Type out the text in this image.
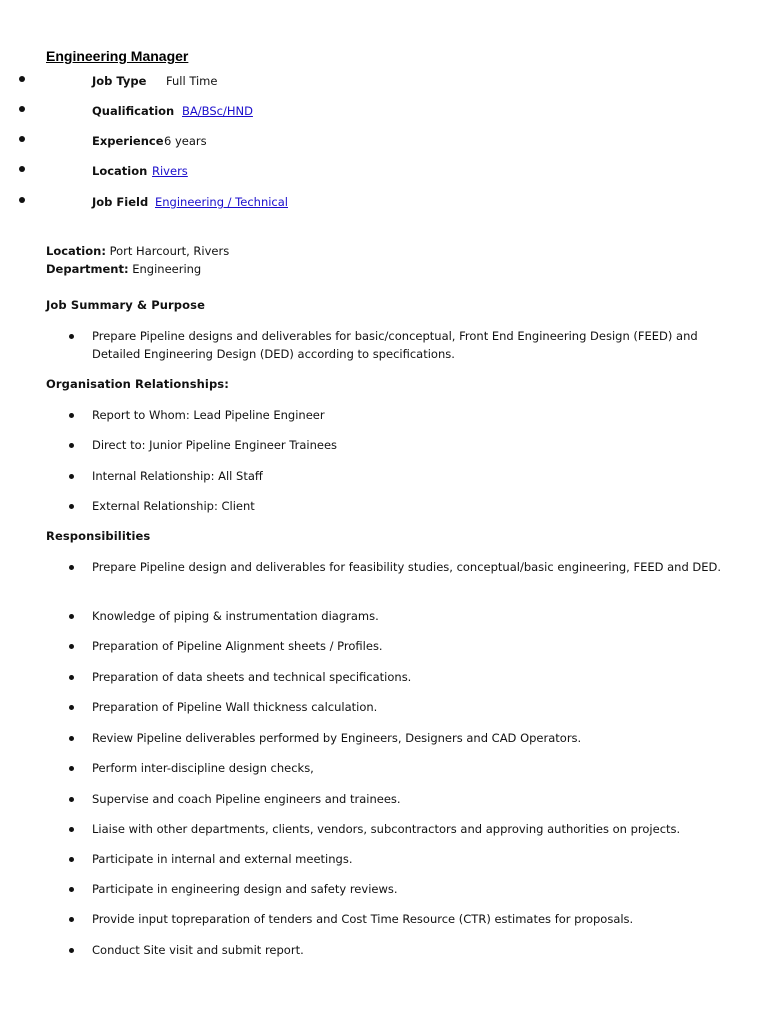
Engineering Manager
Job Type Full Time
Qualification BA/BSc/HND
Experience 6 years
Location Rivers
Job Field Engineering / Technical
Location: Port Harcourt, Rivers
Department: Engineering
Job Summary & Purpose
Prepare Pipeline designs and deliverables for basic/conceptual, Front End Engineering Design (FEED) and Detailed Engineering Design (DED) according to specifications.
Organisation Relationships:
Report to Whom: Lead Pipeline Engineer
Direct to: Junior Pipeline Engineer Trainees
Internal Relationship: All Staff
External Relationship: Client
Responsibilities
Prepare Pipeline design and deliverables for feasibility studies, conceptual/basic engineering, FEED and DED.
Knowledge of piping & instrumentation diagrams.
Preparation of Pipeline Alignment sheets / Profiles.
Preparation of data sheets and technical specifications.
Preparation of Pipeline Wall thickness calculation.
Review Pipeline deliverables performed by Engineers, Designers and CAD Operators.
Perform inter-discipline design checks,
Supervise and coach Pipeline engineers and trainees.
Liaise with other departments, clients, vendors, subcontractors and approving authorities on projects.
Participate in internal and external meetings.
Participate in engineering design and safety reviews.
Provide input topreparation of tenders and Cost Time Resource (CTR) estimates for proposals.
Conduct Site visit and submit report.
